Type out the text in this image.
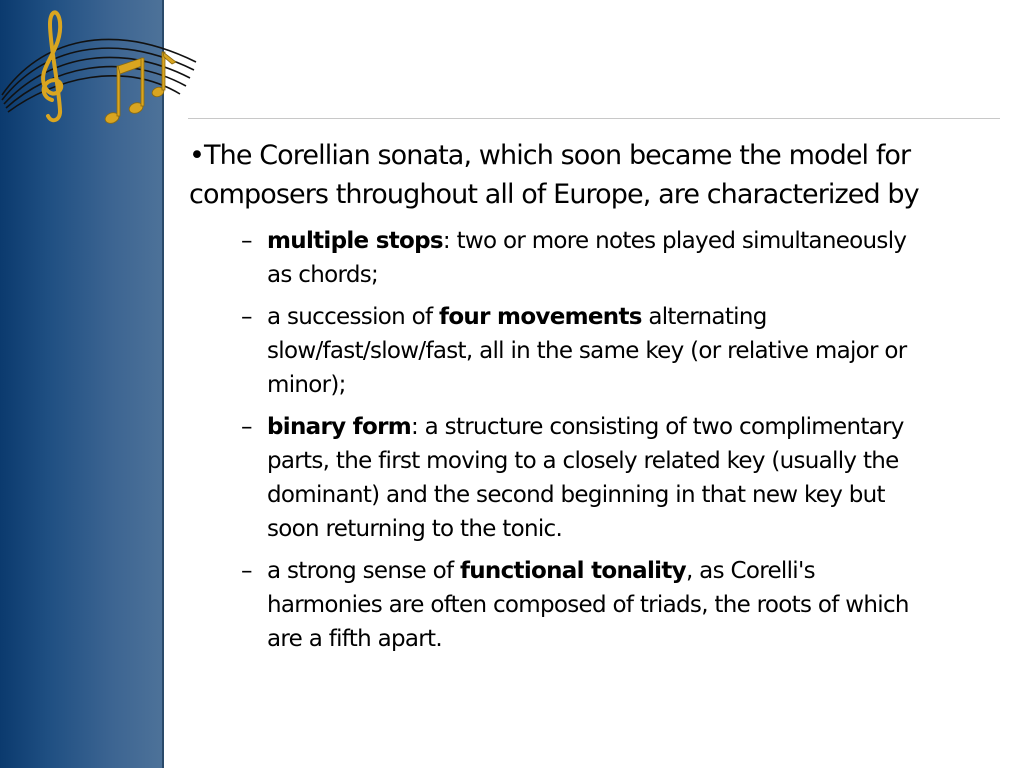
•The Corellian sonata, which soon became the model for composers throughout all of Europe, are characterized by

– multiple stops: two or more notes played simultaneously as chords;
– a succession of four movements alternating slow/fast/slow/fast, all in the same key (or relative major or minor);
– binary form: a structure consisting of two complimentary parts, the first moving to a closely related key (usually the dominant) and the second beginning in that new key but soon returning to the tonic.
– a strong sense of functional tonality, as Corelli's harmonies are often composed of triads, the roots of which are a fifth apart.
